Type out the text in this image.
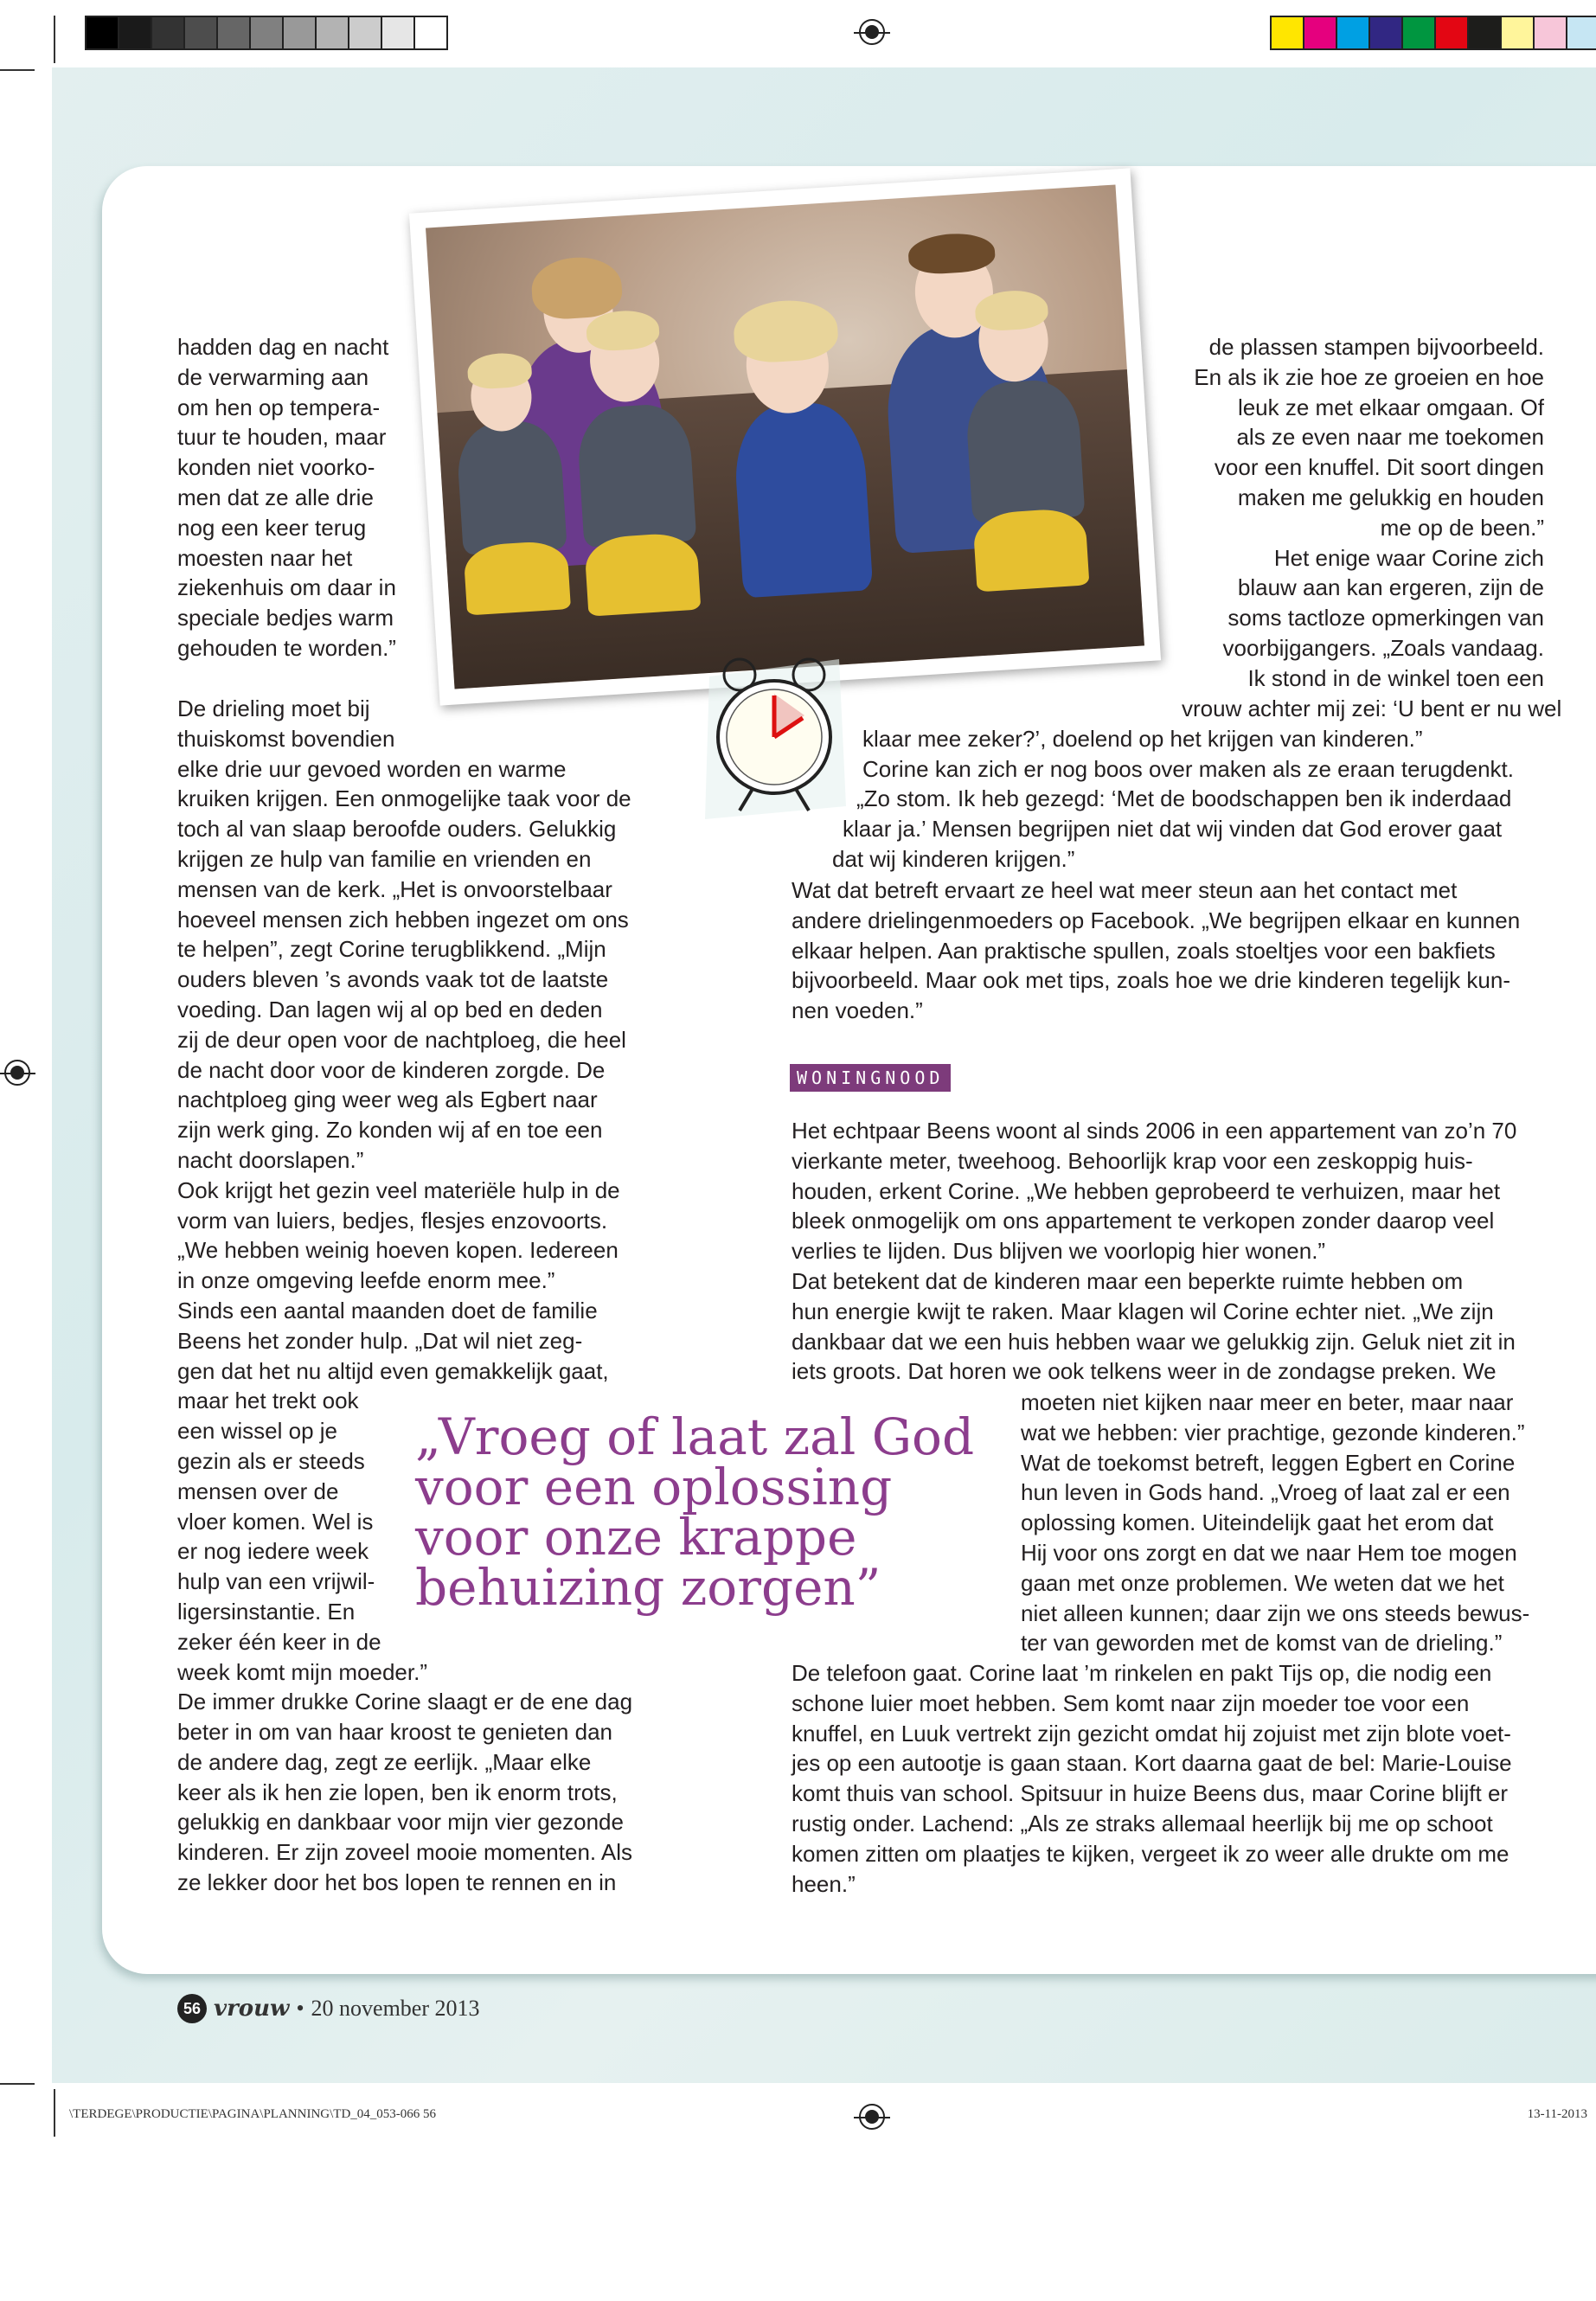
hadden dag en nacht

de verwarming aan

om hen op tempera-

tuur te houden, maar

konden niet voorko-

men dat ze alle drie

nog een keer terug

moesten naar het

ziekenhuis om daar in

speciale bedjes warm

gehouden te worden.”

De drieling moet bij

thuiskomst bovendien

elke drie uur gevoed worden en warme

kruiken krijgen. Een onmogelijke taak voor de

toch al van slaap beroofde ouders. Gelukkig

krijgen ze hulp van familie en vrienden en

mensen van de kerk. „Het is onvoorstelbaar

hoeveel mensen zich hebben ingezet om ons

te helpen”, zegt Corine terugblikkend. „Mijn

ouders bleven ’s avonds vaak tot de laatste

voeding. Dan lagen wij al op bed en deden

zij de deur open voor de nachtploeg, die heel

de nacht door voor de kinderen zorgde. De

nachtploeg ging weer weg als Egbert naar

zijn werk ging. Zo konden wij af en toe een

nacht doorslapen.”

Ook krijgt het gezin veel materiële hulp in de

vorm van luiers, bedjes, flesjes enzovoorts.

„We hebben weinig hoeven kopen. Iedereen

in onze omgeving leefde enorm mee.”

Sinds een aantal maanden doet de familie

Beens het zonder hulp. „Dat wil niet zeg-

gen dat het nu altijd even gemakkelijk gaat,

maar het trekt ook

een wissel op je

gezin als er steeds

mensen over de

vloer komen. Wel is

er nog iedere week

hulp van een vrijwil-

ligersinstantie. En

zeker één keer in de

week komt mijn moeder.”

De immer drukke Corine slaagt er de ene dag

beter in om van haar kroost te genieten dan

de andere dag, zegt ze eerlijk. „Maar elke

keer als ik hen zie lopen, ben ik enorm trots,

gelukkig en dankbaar voor mijn vier gezonde

kinderen. Er zijn zoveel mooie momenten. Als

ze lekker door het bos lopen te rennen en in

de plassen stampen bijvoorbeeld.

En als ik zie hoe ze groeien en hoe

leuk ze met elkaar omgaan. Of

als ze even naar me toekomen

voor een knuffel. Dit soort dingen

maken me gelukkig en houden

me op de been.”

Het enige waar Corine zich

blauw aan kan ergeren, zijn de

soms tactloze opmerkingen van

voorbijgangers. „Zoals vandaag.

Ik stond in de winkel toen een

vrouw achter mij zei: ‘U bent er nu wel
klaar mee zeker?’, doelend op het krijgen van kinderen.”
Corine kan zich er nog boos over maken als ze eraan terugdenkt.
„Zo stom. Ik heb gezegd: ‘Met de boodschappen ben ik inderdaad
klaar ja.’ Mensen begrijpen niet dat wij vinden dat God erover gaat
dat wij kinderen krijgen.”

Wat dat betreft ervaart ze heel wat meer steun aan het contact met

andere drielingenmoeders op Facebook. „We begrijpen elkaar en kunnen

elkaar helpen. Aan praktische spullen, zoals stoeltjes voor een bakfiets

bijvoorbeeld. Maar ook met tips, zoals hoe we drie kinderen tegelijk kun-

nen voeden.”

WONINGNOOD

Het echtpaar Beens woont al sinds 2006 in een appartement van zo’n 70

vierkante meter, tweehoog. Behoorlijk krap voor een zeskoppig huis-

houden, erkent Corine. „We hebben geprobeerd te verhuizen, maar het

bleek onmogelijk om ons appartement te verkopen zonder daarop veel

verlies te lijden. Dus blijven we voorlopig hier wonen.”

Dat betekent dat de kinderen maar een beperkte ruimte hebben om

hun energie kwijt te raken. Maar klagen wil Corine echter niet. „We zijn

dankbaar dat we een huis hebben waar we gelukkig zijn. Geluk niet zit in

iets groots. Dat horen we ook telkens weer in de zondagse preken. We

moeten niet kijken naar meer en beter, maar naar

wat we hebben: vier prachtige, gezonde kinderen.”

Wat de toekomst betreft, leggen Egbert en Corine

hun leven in Gods hand. „Vroeg of laat zal er een

oplossing komen. Uiteindelijk gaat het erom dat

Hij voor ons zorgt en dat we naar Hem toe mogen

gaan met onze problemen. We weten dat we het

niet alleen kunnen; daar zijn we ons steeds bewus-

ter van geworden met de komst van de drieling.”

De telefoon gaat. Corine laat ’m rinkelen en pakt Tijs op, die nodig een

schone luier moet hebben. Sem komt naar zijn moeder toe voor een

knuffel, en Luuk vertrekt zijn gezicht omdat hij zojuist met zijn blote voet-

jes op een autootje is gaan staan. Kort daarna gaat de bel: Marie-Louise

komt thuis van school. Spitsuur in huize Beens dus, maar Corine blijft er

rustig onder. Lachend: „Als ze straks allemaal heerlijk bij me op schoot

komen zitten om plaatjes te kijken, vergeet ik zo weer alle drukte om me

heen.”

„Vroeg of laat zal God

voor een oplossing

voor onze krappe

behuizing zorgen”

56 vrouw • 20 november 2013
\TERDEGE\PRODUCTIE\PAGINA\PLANNING\TD_04_053-066 56	13-11-2013
